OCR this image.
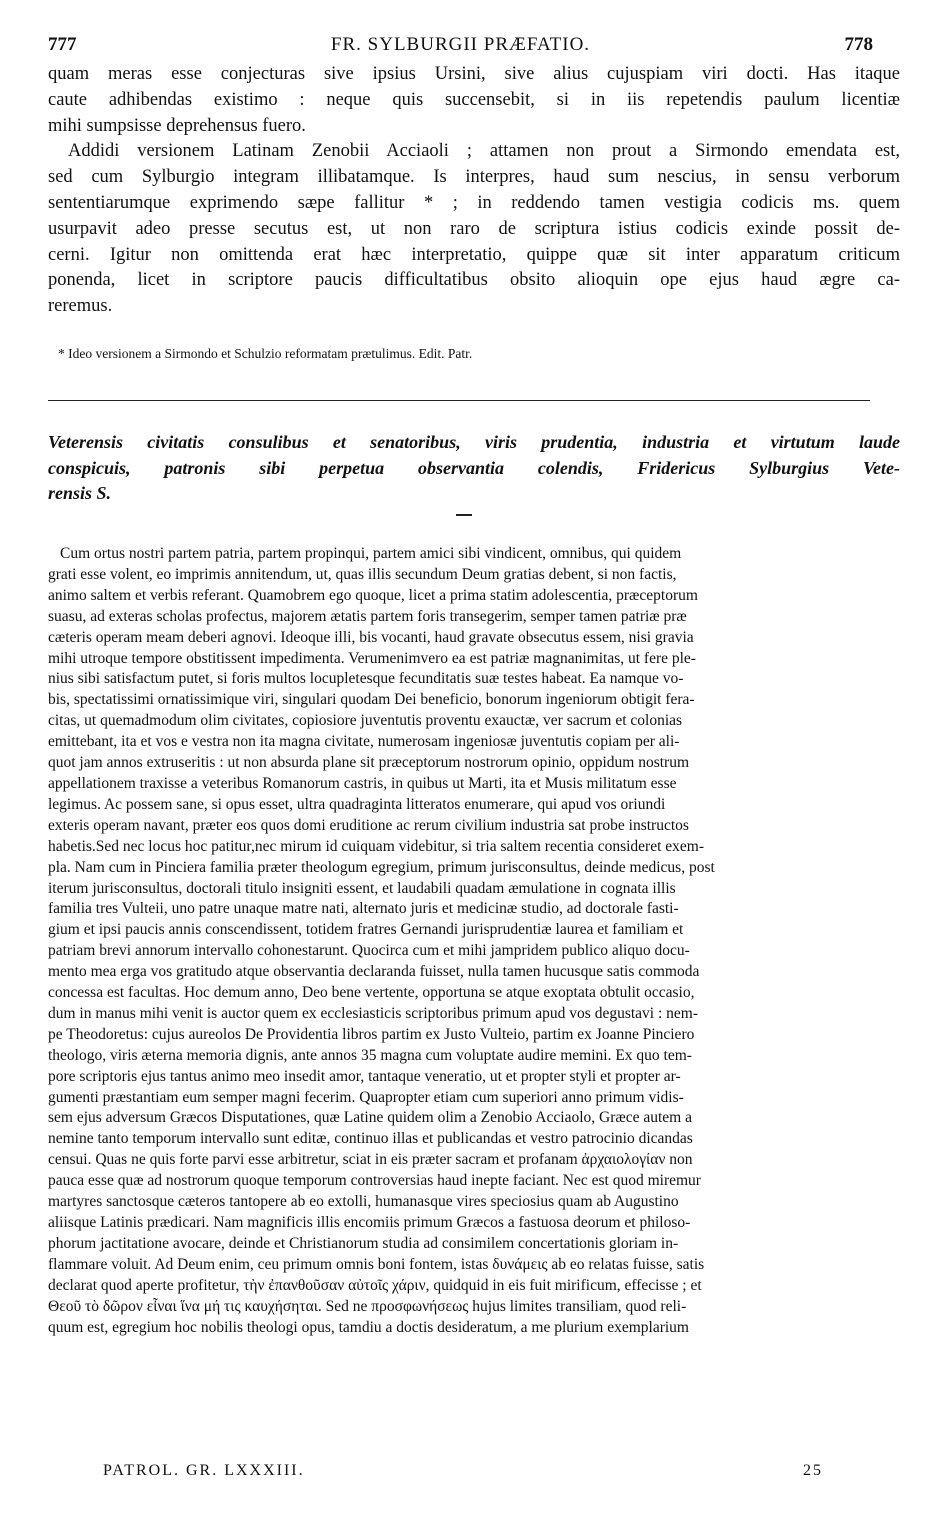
777	FR. SYLBURGII PRÆFATIO.	778

quam meras esse conjecturas sive ipsius Ursini, sive alius cujuspiam viri docti. Has itaque

caute adhibendas existimo : neque quis succensebit, si in iis repetendis paulum licentiæ

mihi sumpsisse deprehensus fuero.

Addidi versionem Latinam Zenobii Acciaoli ; attamen non prout a Sirmondo emendata est,

sed cum Sylburgio integram illibatamque. Is interpres, haud sum nescius, in sensu verborum

sententiarumque exprimendo sæpe fallitur * ; in reddendo tamen vestigia codicis ms. quem

usurpavit adeo presse secutus est, ut non raro de scriptura istius codicis exinde possit de-

cerni. Igitur non omittenda erat hæc interpretatio, quippe quæ sit inter apparatum criticum

ponenda, licet in scriptore paucis difficultatibus obsito alioquin ope ejus haud ægre ca-

reremus.

* Ideo versionem a Sirmondo et Schulzio reformatam prætulimus. Edit. Patr.

Veterensis civitatis consulibus et senatoribus, viris prudentia, industria et virtutum laude

conspicuis, patronis sibi perpetua observantia colendis, Fridericus Sylburgius Vete-

rensis S.

Cum ortus nostri partem patria, partem propinqui, partem amici sibi vindicent, omnibus, qui quidem

grati esse volent, eo imprimis annitendum, ut, quas illis secundum Deum gratias debent, si non factis,

animo saltem et verbis referant. Quamobrem ego quoque, licet a prima statim adolescentia, præceptorum

suasu, ad exteras scholas profectus, majorem ætatis partem foris transegerim, semper tamen patriæ præ

cæteris operam meam deberi agnovi. Ideoque illi, bis vocanti, haud gravate obsecutus essem, nisi gravia

mihi utroque tempore obstitissent impedimenta. Verumenimvero ea est patriæ magnanimitas, ut fere ple-

nius sibi satisfactum putet, si foris multos locupletesque fecunditatis suæ testes habeat. Ea namque vo-

bis, spectatissimi ornatissimique viri, singulari quodam Dei beneficio, bonorum ingeniorum obtigit fera-

citas, ut quemadmodum olim civitates, copiosiore juventutis proventu exauctæ, ver sacrum et colonias

emittebant, ita et vos e vestra non ita magna civitate, numerosam ingeniosæ juventutis copiam per ali-

quot jam annos extruseritis : ut non absurda plane sit præceptorum nostrorum opinio, oppidum nostrum

appellationem traxisse a veteribus Romanorum castris, in quibus ut Marti, ita et Musis militatum esse

legimus. Ac possem sane, si opus esset, ultra quadraginta litteratos enumerare, qui apud vos oriundi

exteris operam navant, præter eos quos domi eruditione ac rerum civilium industria sat probe instructos

habetis.Sed nec locus hoc patitur,nec mirum id cuiquam videbitur, si tria saltem recentia consideret exem-

pla. Nam cum in Pinciera familia præter theologum egregium, primum jurisconsultus, deinde medicus, post

iterum jurisconsultus, doctorali titulo insigniti essent, et laudabili quadam æmulatione in cognata illis

familia tres Vulteii, uno patre unaque matre nati, alternato juris et medicinæ studio, ad doctorale fasti-

gium et ipsi paucis annis conscendissent, totidem fratres Gernandi jurisprudentiæ laurea et familiam et

patriam brevi annorum intervallo cohonestarunt. Quocirca cum et mihi jampridem publico aliquo docu-

mento mea erga vos gratitudo atque observantia declaranda fuisset, nulla tamen hucusque satis commoda

concessa est facultas. Hoc demum anno, Deo bene vertente, opportuna se atque exoptata obtulit occasio,

dum in manus mihi venit is auctor quem ex ecclesiasticis scriptoribus primum apud vos degustavi : nem-

pe Theodoretus: cujus aureolos De Providentia libros partim ex Justo Vulteio, partim ex Joanne Pinciero

theologo, viris æterna memoria dignis, ante annos 35 magna cum voluptate audire memini. Ex quo tem-

pore scriptoris ejus tantus animo meo insedit amor, tantaque veneratio, ut et propter styli et propter ar-

gumenti præstantiam eum semper magni fecerim. Quapropter etiam cum superiori anno primum vidis-

sem ejus adversum Græcos Disputationes, quæ Latine quidem olim a Zenobio Acciaolo, Græce autem a

nemine tanto temporum intervallo sunt editæ, continuo illas et publicandas et vestro patrocinio dicandas

censui. Quas ne quis forte parvi esse arbitretur, sciat in eis præter sacram et profanam ἀρχαιολογίαν non

pauca esse quæ ad nostrorum quoque temporum controversias haud inepte faciant. Nec est quod miremur

martyres sanctosque cæteros tantopere ab eo extolli, humanasque vires speciosius quam ab Augustino

aliisque Latinis prædicari. Nam magnificis illis encomiis primum Græcos a fastuosa deorum et philoso-

phorum jactitatione avocare, deinde et Christianorum studia ad consimilem concertationis gloriam in-

flammare voluit. Ad Deum enim, ceu primum omnis boni fontem, istas δυνάμεις ab eo relatas fuisse, satis

declarat quod aperte profitetur, τὴν ἐπανθοῦσαν αὐτοῖς χάριν, quidquid in eis fuit mirificum, effecisse ; et

Θεοῦ τὸ δῶρον εἶναι ἵνα μή τις καυχήσηται. Sed ne προσφωνήσεως hujus limites transiliam, quod reli-

quum est, egregium hoc nobilis theologi opus, tamdiu a doctis desideratum, a me plurium exemplarium

PATROL. GR. LXXXIII.	25
